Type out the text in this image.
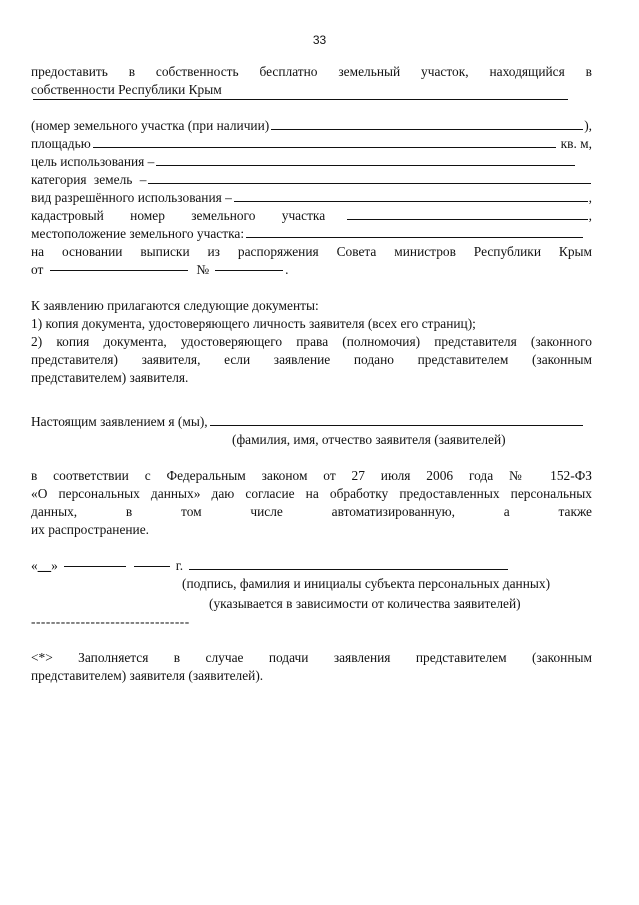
33
предоставить в собственность бесплатно земельный участок, находящийся в
собственности Республики Крым
(номер земельного участка (при наличии)	),
площадью	кв. м,
цель использования –
категория земель –
вид разрешённого использования –	,
кадастровый номер земельного участка	,
местоположение земельного участка:
на основании выписки из распоряжения Совета министров Республики Крым
от	№	.
К заявлению прилагаются следующие документы:
1) копия документа, удостоверяющего личность заявителя (всех его страниц);
2) копия документа, удостоверяющего права (полномочия) представителя (законного
представителя) заявителя, если заявление подано представителем (законным
представителем) заявителя.
Настоящим заявлением я (мы),
(фамилия, имя, отчество заявителя (заявителей)
в соответствии с Федеральным законом от 27 июля 2006 года № 152-ФЗ
«О персональных данных» даю согласие на обработку предоставленных персональных
данных, в том числе автоматизированную, а также
их распространение.
« __ »	г.
(подпись, фамилия и инициалы субъекта персональных данных)
(указывается в зависимости от количества заявителей)
--------------------------------
<*> Заполняется в случае подачи заявления представителем (законным
представителем) заявителя (заявителей).
